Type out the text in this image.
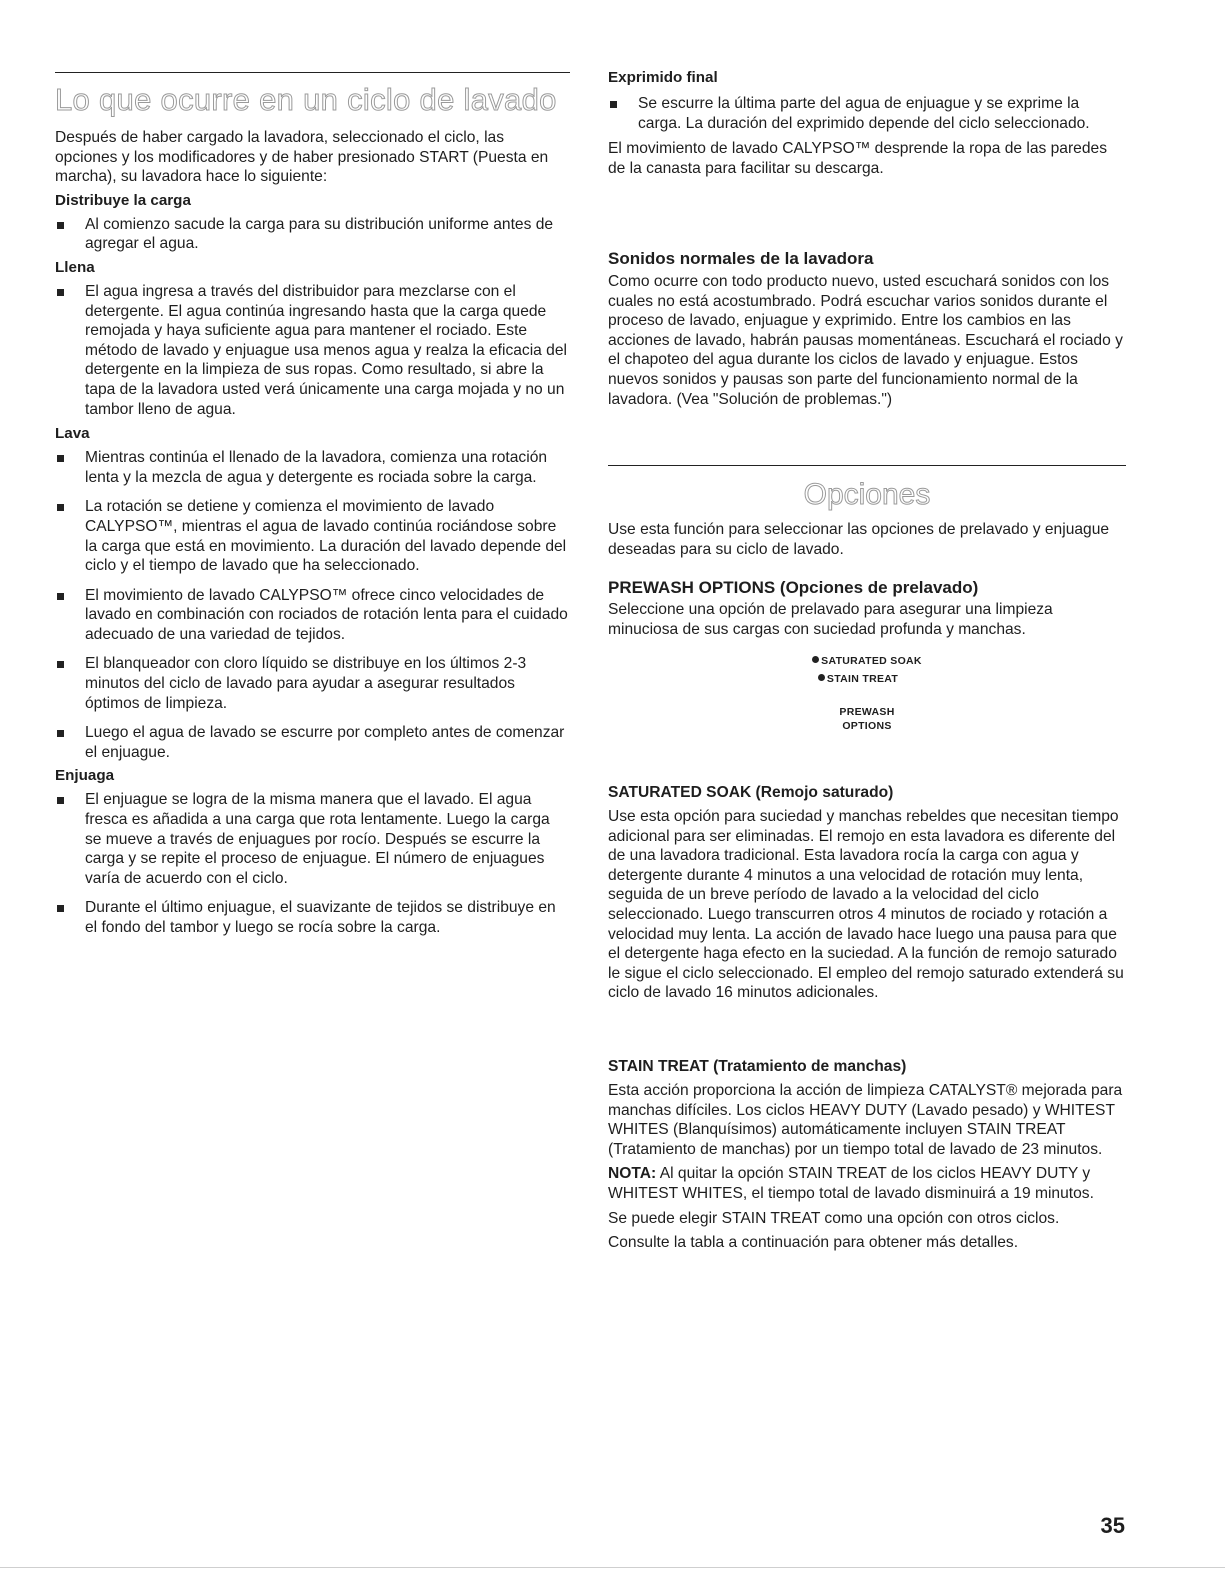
Lo que ocurre en un ciclo de lavado

Después de haber cargado la lavadora, seleccionado el ciclo, las opciones y los modificadores y de haber presionado START (Puesta en marcha), su lavadora hace lo siguiente:

Distribuye la carga
Al comienzo sacude la carga para su distribución uniforme antes de agregar el agua.
Llena
El agua ingresa a través del distribuidor para mezclarse con el detergente. El agua continúa ingresando hasta que la carga quede remojada y haya suficiente agua para mantener el rociado. Este método de lavado y enjuague usa menos agua y realza la eficacia del detergente en la limpieza de sus ropas. Como resultado, si abre la tapa de la lavadora usted verá únicamente una carga mojada y no un tambor lleno de agua.
Lava
Mientras continúa el llenado de la lavadora, comienza una rotación lenta y la mezcla de agua y detergente es rociada sobre la carga.
La rotación se detiene y comienza el movimiento de lavado CALYPSO™, mientras el agua de lavado continúa rociándose sobre la carga que está en movimiento. La duración del lavado depende del ciclo y el tiempo de lavado que ha seleccionado.
El movimiento de lavado CALYPSO™ ofrece cinco velocidades de lavado en combinación con rociados de rotación lenta para el cuidado adecuado de una variedad de tejidos.
El blanqueador con cloro líquido se distribuye en los últimos 2-3 minutos del ciclo de lavado para ayudar a asegurar resultados óptimos de limpieza.
Luego el agua de lavado se escurre por completo antes de comenzar el enjuague.
Enjuaga
El enjuague se logra de la misma manera que el lavado. El agua fresca es añadida a una carga que rota lentamente. Luego la carga se mueve a través de enjuagues por rocío. Después se escurre la carga y se repite el proceso de enjuague. El número de enjuagues varía de acuerdo con el ciclo.
Durante el último enjuague, el suavizante de tejidos se distribuye en el fondo del tambor y luego se rocía sobre la carga.
Exprimido final
Se escurre la última parte del agua de enjuague y se exprime la carga. La duración del exprimido depende del ciclo seleccionado.

El movimiento de lavado CALYPSO™ desprende la ropa de las paredes de la canasta para facilitar su descarga.

Sonidos normales de la lavadora

Como ocurre con todo producto nuevo, usted escuchará sonidos con los cuales no está acostumbrado. Podrá escuchar varios sonidos durante el proceso de lavado, enjuague y exprimido. Entre los cambios en las acciones de lavado, habrán pausas momentáneas. Escuchará el rociado y el chapoteo del agua durante los ciclos de lavado y enjuague. Estos nuevos sonidos y pausas son parte del funcionamiento normal de la lavadora. (Vea "Solución de problemas.")

Opciones

Use esta función para seleccionar las opciones de prelavado y enjuague deseadas para su ciclo de lavado.

PREWASH OPTIONS (Opciones de prelavado)

Seleccione una opción de prelavado para asegurar una limpieza minuciosa de sus cargas con suciedad profunda y manchas.

SATURATED SOAK
STAIN TREAT
PREWASH
OPTIONS
SATURATED SOAK (Remojo saturado)

Use esta opción para suciedad y manchas rebeldes que necesitan tiempo adicional para ser eliminadas. El remojo en esta lavadora es diferente del de una lavadora tradicional. Esta lavadora rocía la carga con agua y detergente durante 4 minutos a una velocidad de rotación muy lenta, seguida de un breve período de lavado a la velocidad del ciclo seleccionado. Luego transcurren otros 4 minutos de rociado y rotación a velocidad muy lenta. La acción de lavado hace luego una pausa para que el detergente haga efecto en la suciedad. A la función de remojo saturado le sigue el ciclo seleccionado. El empleo del remojo saturado extenderá su ciclo de lavado 16 minutos adicionales.

STAIN TREAT (Tratamiento de manchas)

Esta acción proporciona la acción de limpieza CATALYST® mejorada para manchas difíciles. Los ciclos HEAVY DUTY (Lavado pesado) y WHITEST WHITES (Blanquísimos) automáticamente incluyen STAIN TREAT (Tratamiento de manchas) por un tiempo total de lavado de 23 minutos.

NOTA: Al quitar la opción STAIN TREAT de los ciclos HEAVY DUTY y WHITEST WHITES, el tiempo total de lavado disminuirá a 19 minutos.

Se puede elegir STAIN TREAT como una opción con otros ciclos.

Consulte la tabla a continuación para obtener más detalles.

35
